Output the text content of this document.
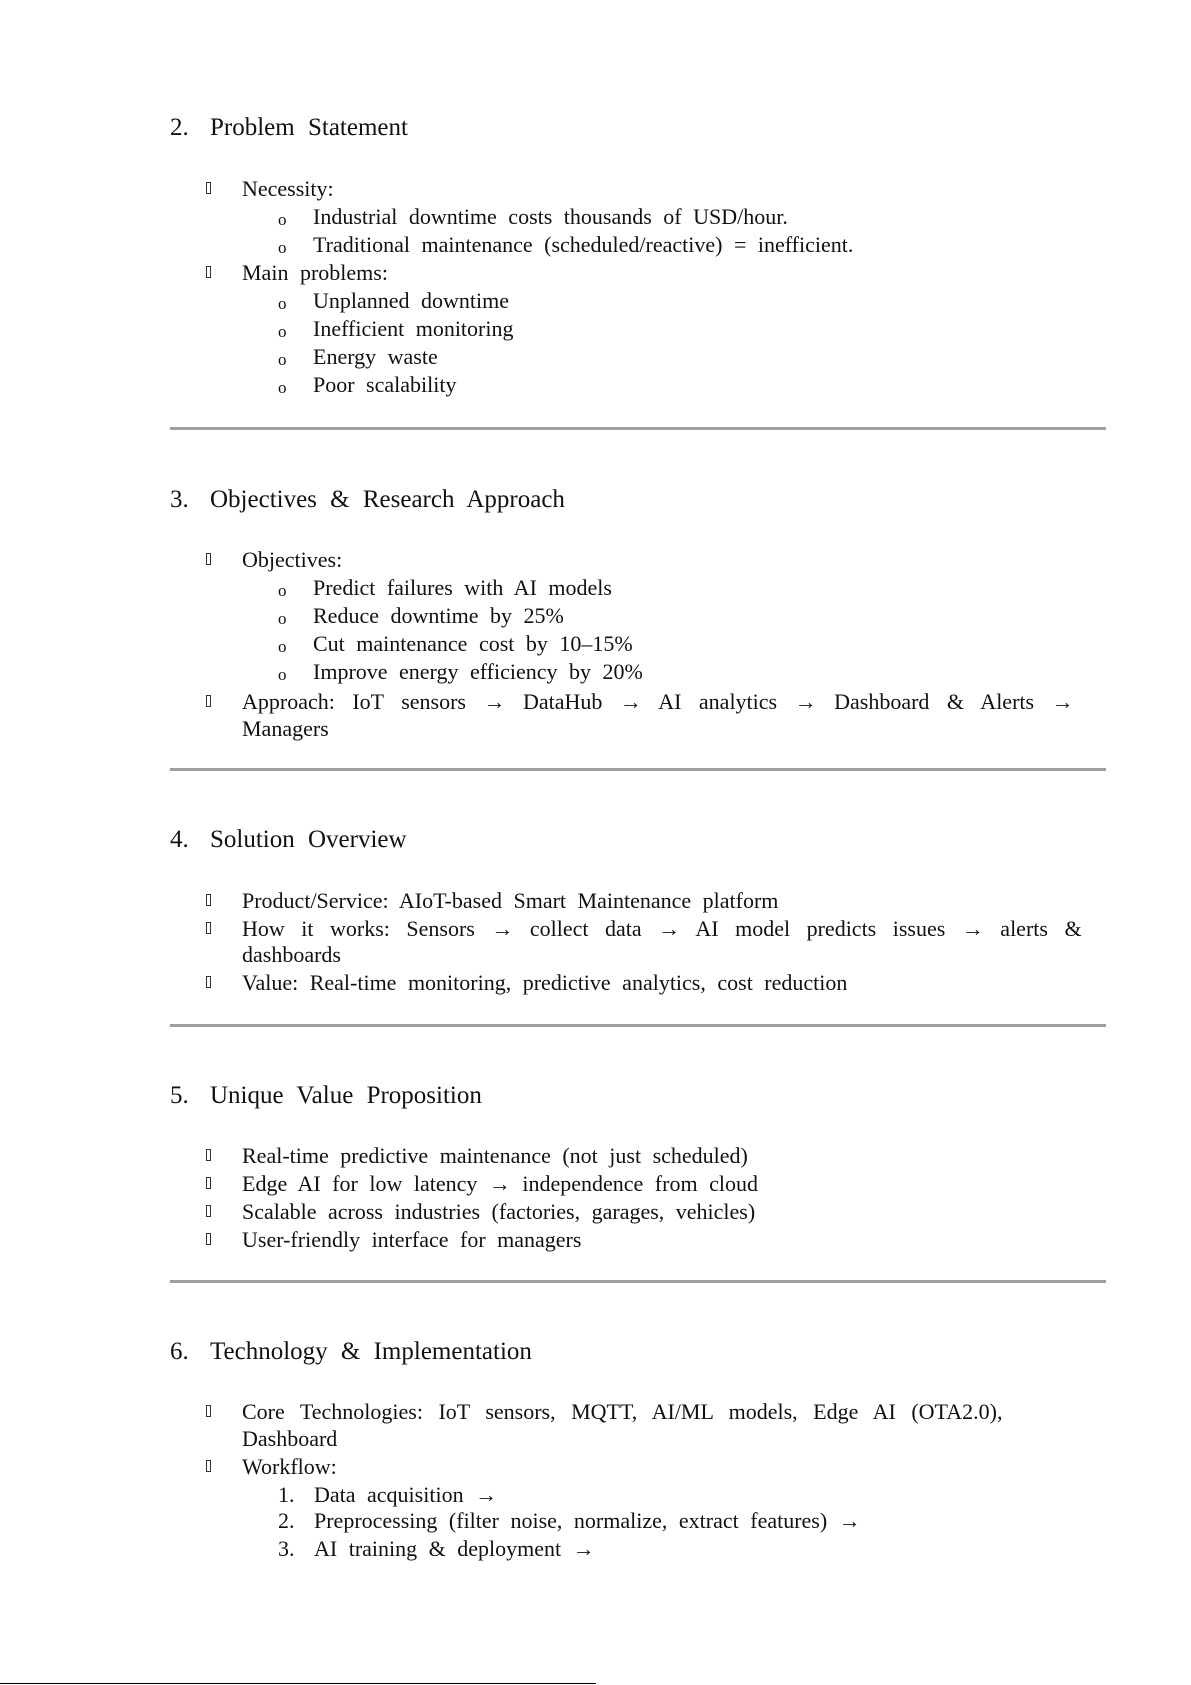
2. Problem Statement
Necessity:
o Industrial downtime costs thousands of USD/hour.
o Traditional maintenance (scheduled/reactive) = inefficient.
Main problems:
o Unplanned downtime
o Inefficient monitoring
o Energy waste
o Poor scalability
3. Objectives & Research Approach
Objectives:
o Predict failures with AI models
o Reduce downtime by 25%
o Cut maintenance cost by 10–15%
o Improve energy efficiency by 20%
Approach: IoT sensors → DataHub → AI analytics → Dashboard & Alerts →
Managers
4. Solution Overview
Product/Service: AIoT-based Smart Maintenance platform
How it works: Sensors → collect data → AI model predicts issues → alerts &
dashboards
Value: Real-time monitoring, predictive analytics, cost reduction
5. Unique Value Proposition
Real-time predictive maintenance (not just scheduled)
Edge AI for low latency → independence from cloud
Scalable across industries (factories, garages, vehicles)
User-friendly interface for managers
6. Technology & Implementation
Core Technologies: IoT sensors, MQTT, AI/ML models, Edge AI (OTA2.0),
Dashboard
Workflow:
1. Data acquisition →
2. Preprocessing (filter noise, normalize, extract features) →
3. AI training & deployment →
